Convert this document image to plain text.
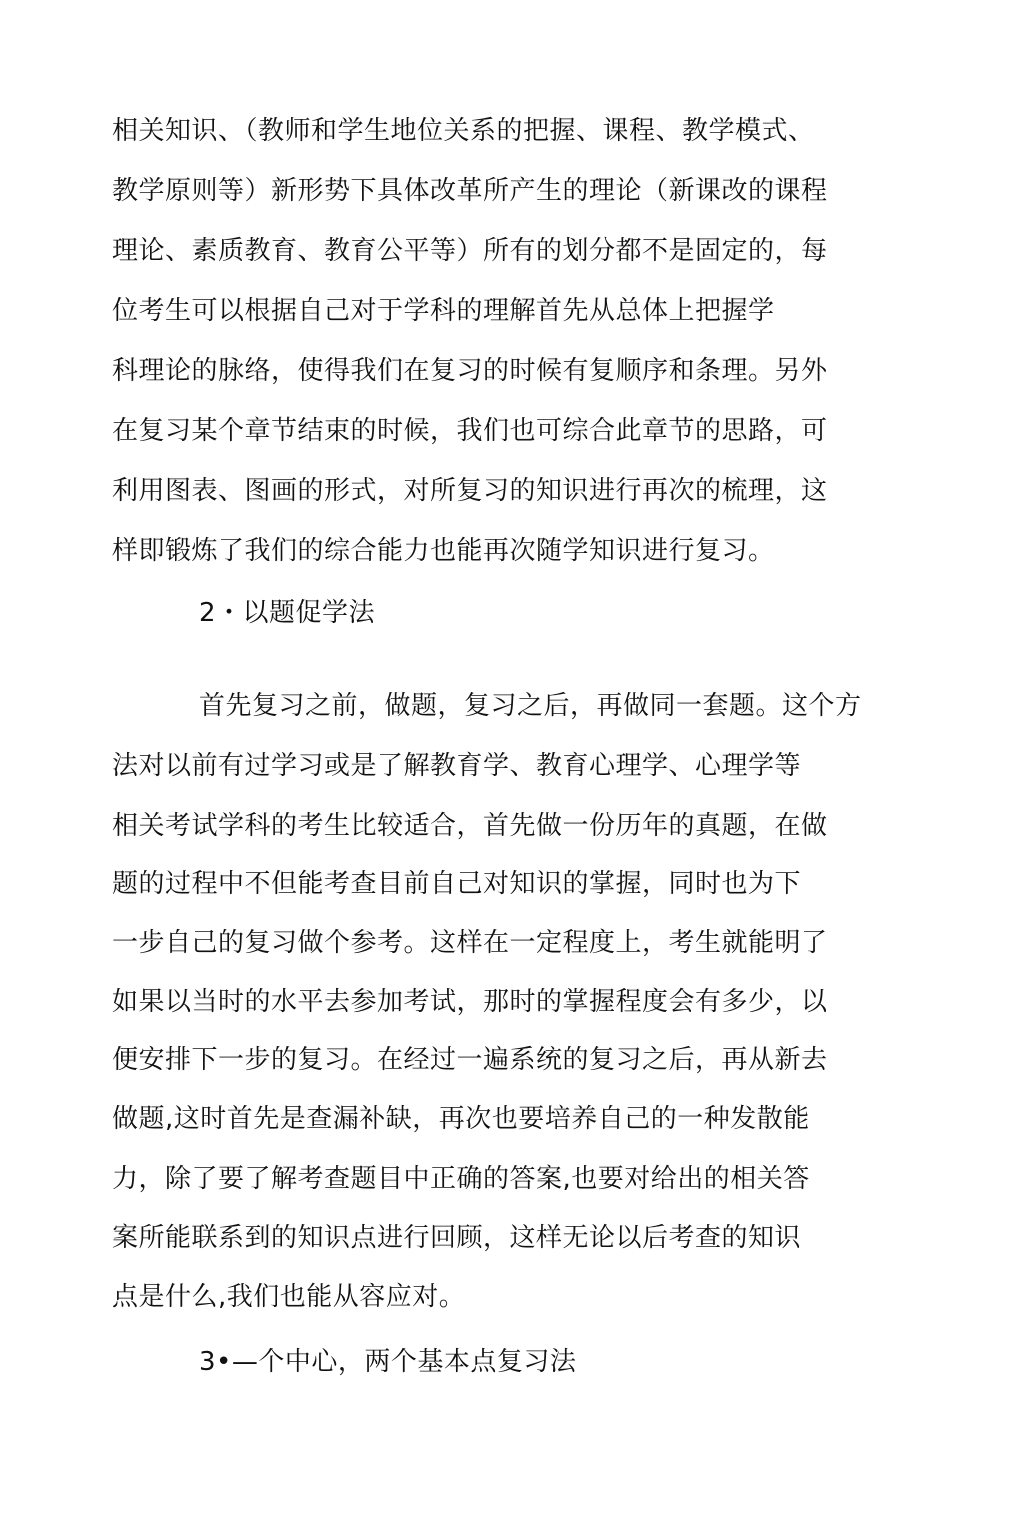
相关知识、（教师和学生地位关系的把握、课程、教学模式、
教学原则等）新形势下具体改革所产生的理论（新课改的课程
理论、素质教育、教育公平等）所有的划分都不是固定的，每
位考生可以根据自己对于学科的理解首先从总体上把握学
科理论的脉络，使得我们在复习的时候有复顺序和条理。另外
在复习某个章节结束的时候，我们也可综合此章节的思路，可
利用图表、图画的形式，对所复习的知识进行再次的梳理，这
样即锻炼了我们的综合能力也能再次随学知识进行复习。
2・以题促学法
首先复习之前，做题，复习之后，再做同一套题。这个方
法对以前有过学习或是了解教育学、教育心理学、心理学等
相关考试学科的考生比较适合，首先做一份历年的真题，在做
题的过程中不但能考查目前自己对知识的掌握，同时也为下
一步自己的复习做个参考。这样在一定程度上，考生就能明了
如果以当时的水平去参加考试，那时的掌握程度会有多少，以
便安排下一步的复习。在经过一遍系统的复习之后，再从新去
做题,这时首先是查漏补缺，再次也要培养自己的一种发散能
力，除了要了解考查题目中正确的答案,也要对给出的相关答
案所能联系到的知识点进行回顾，这样无论以后考查的知识
点是什么,我们也能从容应对。
3•—个中心，两个基本点复习法
